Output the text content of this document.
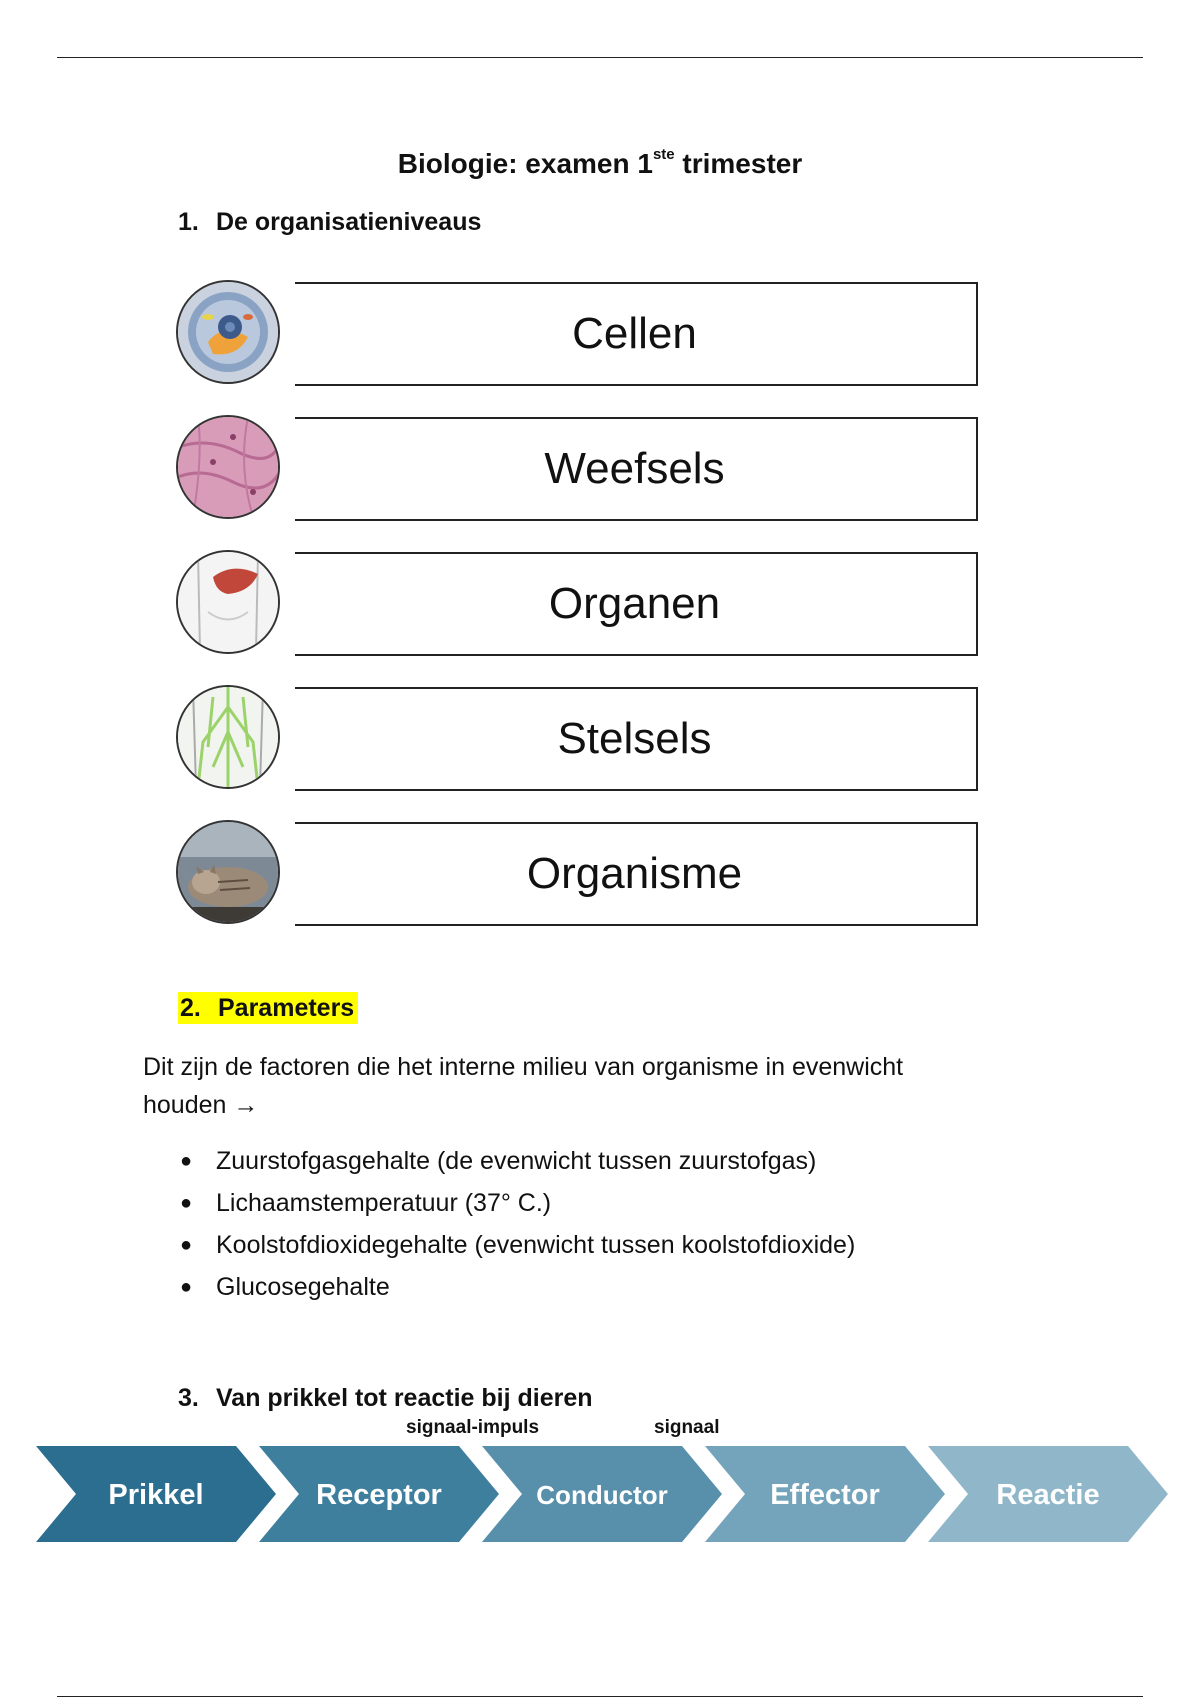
Biologie: examen 1ste trimester
1. De organisatieniveaus
Cellen
Weefsels
Organen
Stelsels
Organisme
2. Parameters
Dit zijn de factoren die het interne milieu van organisme in evenwicht
houden →
● Zuurstofgasgehalte (de evenwicht tussen zuurstofgas)
● Lichaamstemperatuur (37° C.)
● Koolstofdioxidegehalte (evenwicht tussen koolstofdioxide)
● Glucosegehalte
3. Van prikkel tot reactie bij dieren
signaal-impuls	signaal
Prikkel	Receptor	Conductor	Effector	Reactie
